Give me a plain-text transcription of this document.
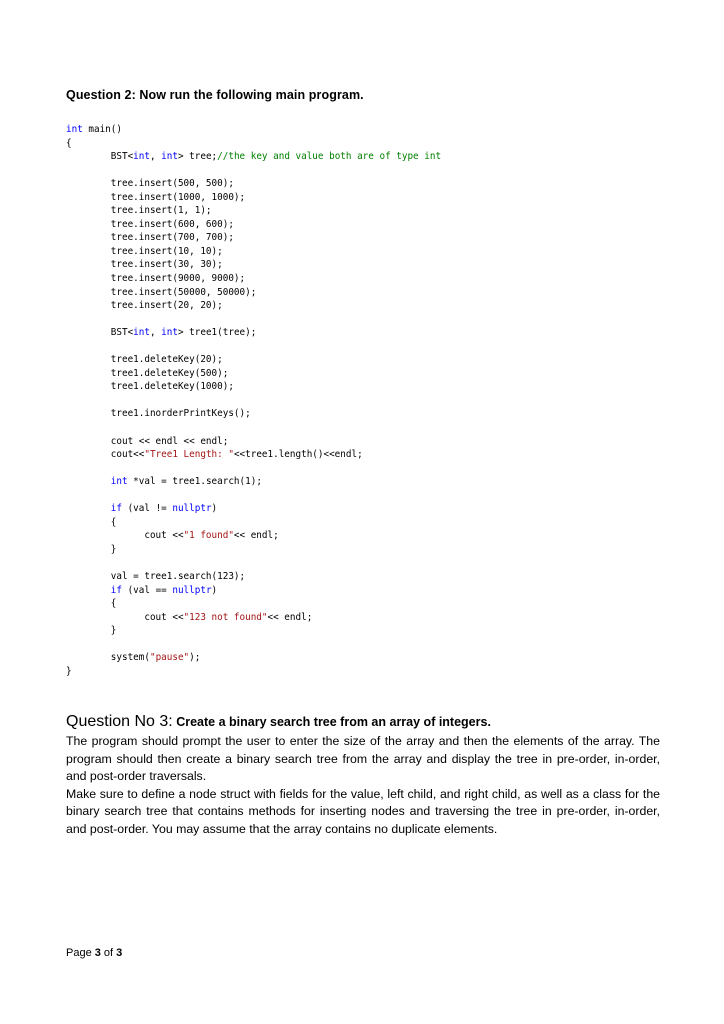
Question 2: Now run the following main program.
int main()
{
BST<int, int> tree;//the key and value both are of type int
tree.insert(500, 500);
tree.insert(1000, 1000);
tree.insert(1, 1);
tree.insert(600, 600);
tree.insert(700, 700);
tree.insert(10, 10);
tree.insert(30, 30);
tree.insert(9000, 9000);
tree.insert(50000, 50000);
tree.insert(20, 20);
BST<int, int> tree1(tree);
tree1.deleteKey(20);
tree1.deleteKey(500);
tree1.deleteKey(1000);
tree1.inorderPrintKeys();
cout << endl << endl;
cout<<"Tree1 Length: "<<tree1.length()<<endl;
int *val = tree1.search(1);
if (val != nullptr)
{
cout <<"1 found"<< endl;
}
val = tree1.search(123);
if (val == nullptr)
{
cout <<"123 not found"<< endl;
}
system("pause");
}
Question No 3: Create a binary search tree from an array of integers.

The program should prompt the user to enter the size of the array and then the elements of the array. The program should then create a binary search tree from the array and display the tree in pre-order, in-order, and post-order traversals.

Make sure to define a node struct with fields for the value, left child, and right child, as well as a class for the binary search tree that contains methods for inserting nodes and traversing the tree in pre-order, in-order, and post-order. You may assume that the array contains no duplicate elements.

Page 3 of 3
